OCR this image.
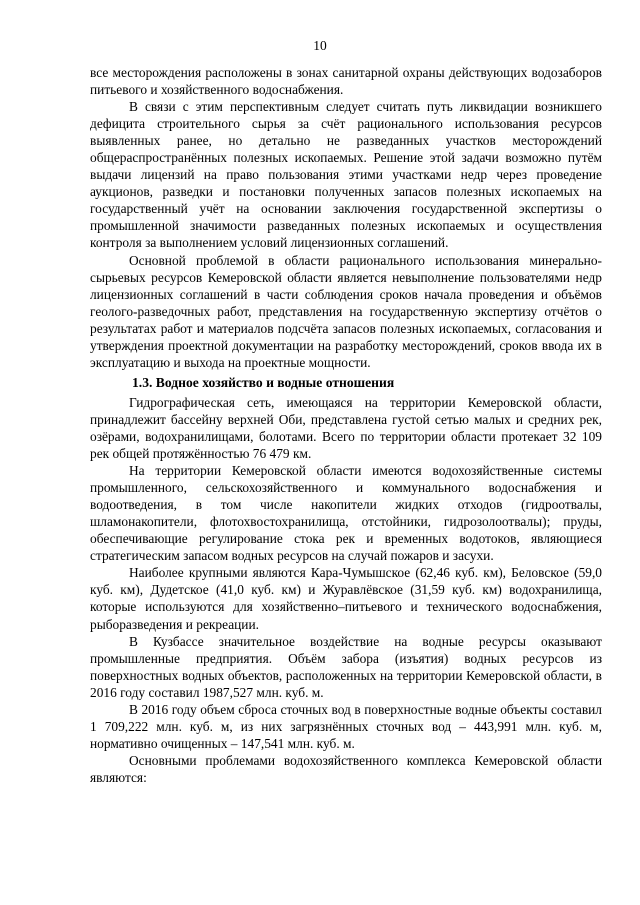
10

все месторождения расположены в зонах санитарной охраны действующих водозаборов питьевого и хозяйственного водоснабжения.

В связи с этим перспективным следует считать путь ликвидации возникшего дефицита строительного сырья за счёт рационального использования ресурсов выявленных ранее, но детально не разведанных участков месторождений общераспространённых полезных ископаемых. Решение этой задачи возможно путём выдачи лицензий на право пользования этими участками недр через проведение аукционов, разведки и постановки полученных запасов полезных ископаемых на государственный учёт на основании заключения государственной экспертизы о промышленной значимости разведанных полезных ископаемых и осуществления контроля за выполнением условий лицензионных соглашений.

Основной проблемой в области рационального использования минерально-сырьевых ресурсов Кемеровской области является невыполнение пользователями недр лицензионных соглашений в части соблюдения сроков начала проведения и объёмов геолого-разведочных работ, представления на государственную экспертизу отчётов о результатах работ и материалов подсчёта запасов полезных ископаемых, согласования и утверждения проектной документации на разработку месторождений, сроков ввода их в эксплуатацию и выхода на проектные мощности.

1.3. Водное хозяйство и водные отношения

Гидрографическая сеть, имеющаяся на территории Кемеровской области, принадлежит бассейну верхней Оби, представлена густой сетью малых и средних рек, озёрами, водохранилищами, болотами. Всего по территории области протекает 32 109 рек общей протяжённостью 76 479 км.

На территории Кемеровской области имеются водохозяйственные системы промышленного, сельскохозяйственного и коммунального водоснабжения и водоотведения, в том числе накопители жидких отходов (гидроотвалы, шламонакопители, флотохвостохранилища, отстойники, гидрозолоотвалы); пруды, обеспечивающие регулирование стока рек и временных водотоков, являющиеся стратегическим запасом водных ресурсов на случай пожаров и засухи.

Наиболее крупными являются Кара-Чумышское (62,46 куб. км), Беловское (59,0 куб. км), Дудетское (41,0 куб. км) и Журавлёвское (31,59 куб. км) водохранилища, которые используются для хозяйственно–питьевого и технического водоснабжения, рыборазведения и рекреации.

В Кузбассе значительное воздействие на водные ресурсы оказывают промышленные предприятия. Объём забора (изъятия) водных ресурсов из поверхностных водных объектов, расположенных на территории Кемеровской области, в 2016 году составил 1987,527 млн. куб. м.

В 2016 году объем сброса сточных вод в поверхностные водные объекты составил 1 709,222 млн. куб. м, из них загрязнённых сточных вод – 443,991 млн. куб. м, нормативно очищенных – 147,541 млн. куб. м.

Основными проблемами водохозяйственного комплекса Кемеровской области являются:
